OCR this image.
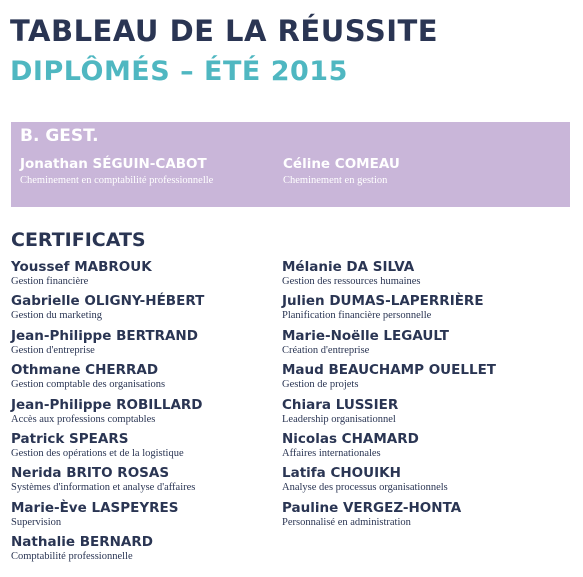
TABLEAU DE LA RÉUSSITE
DIPLÔMÉS – ÉTÉ 2015
B. GEST.
Jonathan SÉGUIN-CABOT
Cheminement en comptabilité professionnelle
Céline COMEAU
Cheminement en gestion
CERTIFICATS
Youssef MABROUK
Gestion financière
Gabrielle OLIGNY-HÉBERT
Gestion du marketing
Jean-Philippe BERTRAND
Gestion d'entreprise
Othmane CHERRAD
Gestion comptable des organisations
Jean-Philippe ROBILLARD
Accès aux professions comptables
Patrick SPEARS
Gestion des opérations et de la logistique
Nerida BRITO ROSAS
Systèmes d'information et analyse d'affaires
Marie-Ève LASPEYRES
Supervision
Nathalie BERNARD
Comptabilité professionnelle
Mélanie DA SILVA
Gestion des ressources humaines
Julien DUMAS-LAPERRIÈRE
Planification financière personnelle
Marie-Noëlle LEGAULT
Création d'entreprise
Maud BEAUCHAMP OUELLET
Gestion de projets
Chiara LUSSIER
Leadership organisationnel
Nicolas CHAMARD
Affaires internationales
Latifa CHOUIKH
Analyse des processus organisationnels
Pauline VERGEZ-HONTA
Personnalisé en administration
